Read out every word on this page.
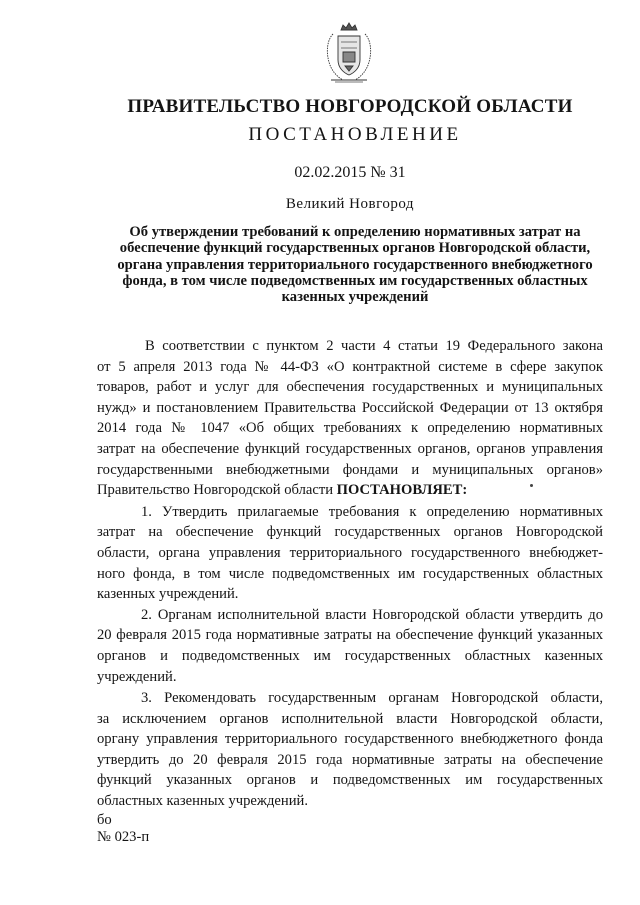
ПРАВИТЕЛЬСТВО НОВГОРОДСКОЙ ОБЛАСТИ
ПОСТАНОВЛЕНИЕ
02.02.2015 № 31
Великий Новгород
Об утверждении требований к определению нормативных затрат на
обеспечение функций государственных органов Новгородской области,
органа управления территориального государственного внебюджетного
фонда, в том числе подведомственных им государственных областных
казенных учреждений
В соответствии с пунктом 2 части 4 статьи 19 Федерального закона
от 5 апреля 2013 года № 44-ФЗ «О контрактной системе в сфере закупок
товаров, работ и услуг для обеспечения государственных и муниципальных
нужд» и постановлением Правительства Российской Федерации от 13 октября
2014 года № 1047 «Об общих требованиях к определению нормативных
затрат на обеспечение функций государственных органов, органов управления
государственными внебюджетными фондами и муниципальных органов»
Правительство Новгородской области ПОСТАНОВЛЯЕТ:
1. Утвердить прилагаемые требования к определению нормативных
затрат на обеспечение функций государственных органов Новгородской
области, органа управления территориального государственного внебюджет-
ного фонда, в том числе подведомственных им государственных областных
казенных учреждений.
2. Органам исполнительной власти Новгородской области утвердить до
20 февраля 2015 года нормативные затраты на обеспечение функций указанных
органов и подведомственных им государственных областных казенных
учреждений.
3. Рекомендовать государственным органам Новгородской области,
за исключением органов исполнительной власти Новгородской области,
органу управления территориального государственного внебюджетного фонда
утвердить до 20 февраля 2015 года нормативные затраты на обеспечение
функций указанных органов и подведомственных им государственных
областных казенных учреждений.
бо
№ 023-п
